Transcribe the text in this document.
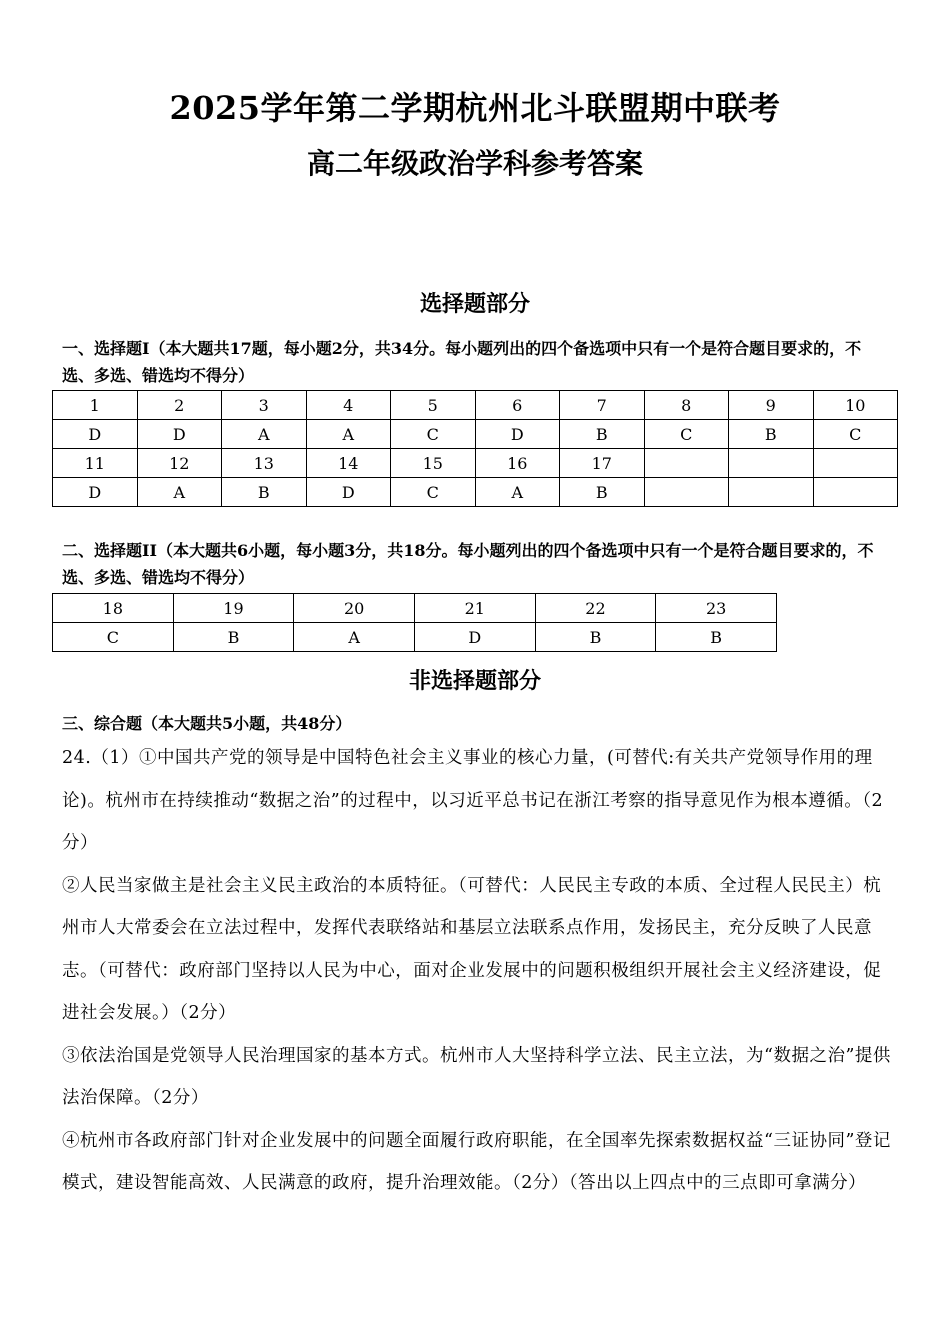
2025学年第二学期杭州北斗联盟期中联考
高二年级政治学科参考答案
选择题部分
一、选择题I（本大题共17题，每小题2分，共34分。每小题列出的四个备选项中只有一个是符合题目要求的，不选、多选、错选均不得分）
1	2	3	4	5	6	7	8	9	10
D	D	A	A	C	D	B	C	B	C
11	12	13	14	15	16	17			
D	A	B	D	C	A	B			
二、选择题II（本大题共6小题，每小题3分，共18分。每小题列出的四个备选项中只有一个是符合题目要求的，不选、多选、错选均不得分）
18	19	20	21	22	23
C	B	A	D	B	B
非选择题部分
三、综合题（本大题共5小题，共48分）

24.（1）①中国共产党的领导是中国特色社会主义事业的核心力量，(可替代:有关共产党领导作用的理论)。杭州市在持续推动“数据之治”的过程中，以习近平总书记在浙江考察的指导意见作为根本遵循。（2分）

②人民当家做主是社会主义民主政治的本质特征。（可替代：人民民主专政的本质、全过程人民民主）杭州市人大常委会在立法过程中，发挥代表联络站和基层立法联系点作用，发扬民主，充分反映了人民意志。（可替代：政府部门坚持以人民为中心，面对企业发展中的问题积极组织开展社会主义经济建设，促进社会发展。）（2分）

③依法治国是党领导人民治理国家的基本方式。杭州市人大坚持科学立法、民主立法，为“数据之治”提供法治保障。（2分）

④杭州市各政府部门针对企业发展中的问题全面履行政府职能，在全国率先探索数据权益“三证协同”登记模式，建设智能高效、人民满意的政府，提升治理效能。（2分）（答出以上四点中的三点即可拿满分）
